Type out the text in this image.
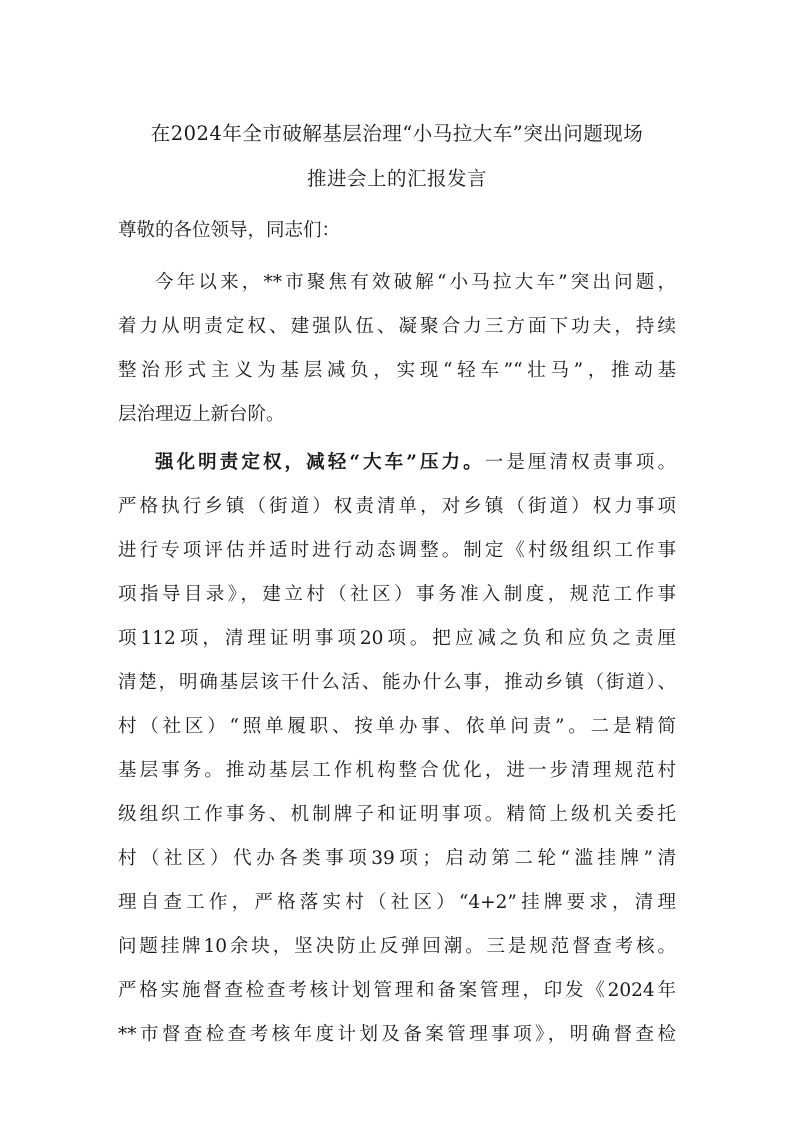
在2024年全市破解基层治理“小马拉大车”突出问题现场
推进会上的汇报发言
尊敬的各位领导，同志们：
今年以来，**市聚焦有效破解“小马拉大车”突出问题，
着力从明责定权、建强队伍、凝聚合力三方面下功夫，持续
整治形式主义为基层减负，实现“轻车”“壮马”，推动基
层治理迈上新台阶。
强化明责定权，减轻“大车”压力。一是厘清权责事项。
严格执行乡镇（街道）权责清单，对乡镇（街道）权力事项
进行专项评估并适时进行动态调整。制定《村级组织工作事
项指导目录》，建立村（社区）事务准入制度，规范工作事
项112项，清理证明事项20项。把应减之负和应负之责厘
清楚，明确基层该干什么活、能办什么事，推动乡镇（街道）、
村（社区）“照单履职、按单办事、依单问责”。二是精简
基层事务。推动基层工作机构整合优化，进一步清理规范村
级组织工作事务、机制牌子和证明事项。精简上级机关委托
村（社区）代办各类事项39项；启动第二轮“滥挂牌”清
理自查工作，严格落实村（社区）“4+2”挂牌要求，清理
问题挂牌10余块，坚决防止反弹回潮。三是规范督查考核。
严格实施督查检查考核计划管理和备案管理，印发《2024年
**市督查检查考核年度计划及备案管理事项》，明确督查检
